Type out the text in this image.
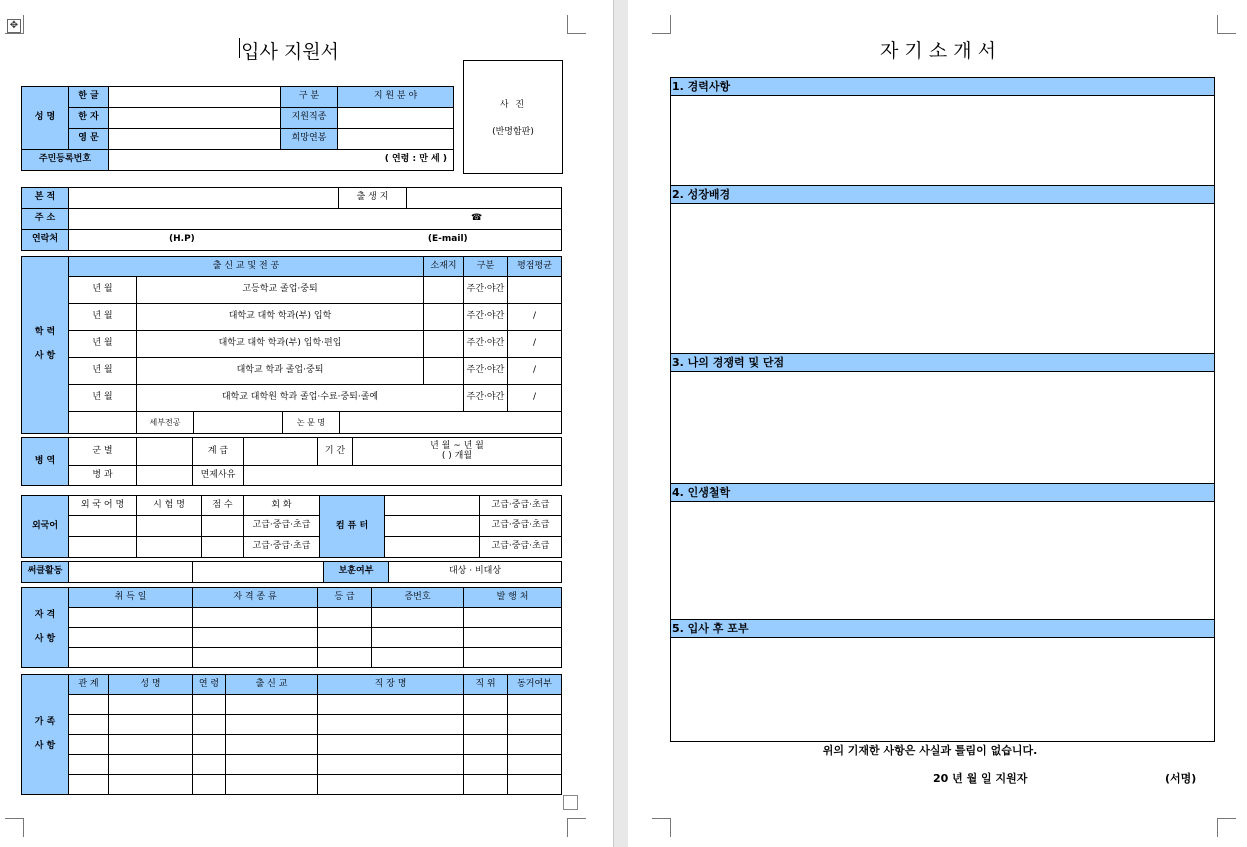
✥
입사 지원서
사 진
(반명함판)
성 명	한 글		구 분	지 원 분 야
	한 자		지원직종	
	영 문		희망연봉	
주민등록번호		( 연령 : 만 세 )		
본 적		출 생 지	
주 소	☎		
연락처	(H.P) (E-mail)		
학 력
사 항	출 신 교 및 전 공		소재지	구분	평점평균
	년 월	고등학교 졸업·중퇴		주간·야간	
	년 월	대학교 대학 학과(부) 입학		주간·야간	/
	년 월	대학교 대학 학과(부) 입학·편입		주간·야간	/
	년 월	대학교 학과 졸업·중퇴		주간·야간	/
	년 월	대학교 대학원 학과 졸업·수료·중퇴·졸예		주간·야간	/
		세부전공 논 문 명			
병 역	군 별		계 급		기 간	년 월 ~ 년 월
( ) 개월

	병 과		면제사유			
외국어	외 국 어 명	시 험 명	점 수	회 화	컴 퓨 터		고급·중급·초급
				고급·중급·초급			고급·중급·초급
				고급·중급·초급			고급·중급·초급
써클활동			보훈여부	대상 · 비대상
자 격
사 항	취 득 일	자 격 종 류	등 급	증번호	발 행 처

가 족
사 항	관 계	성 명	연 령	출 신 교	직 장 명	직 위	동거여부

자 기 소 개 서
1. 경력사항
2. 성장배경
3. 나의 경쟁력 및 단점
4. 인생철학
5. 입사 후 포부
위의 기재한 사항은 사실과 틀림이 없습니다.
20 년 월 일 지원자	(서명)
